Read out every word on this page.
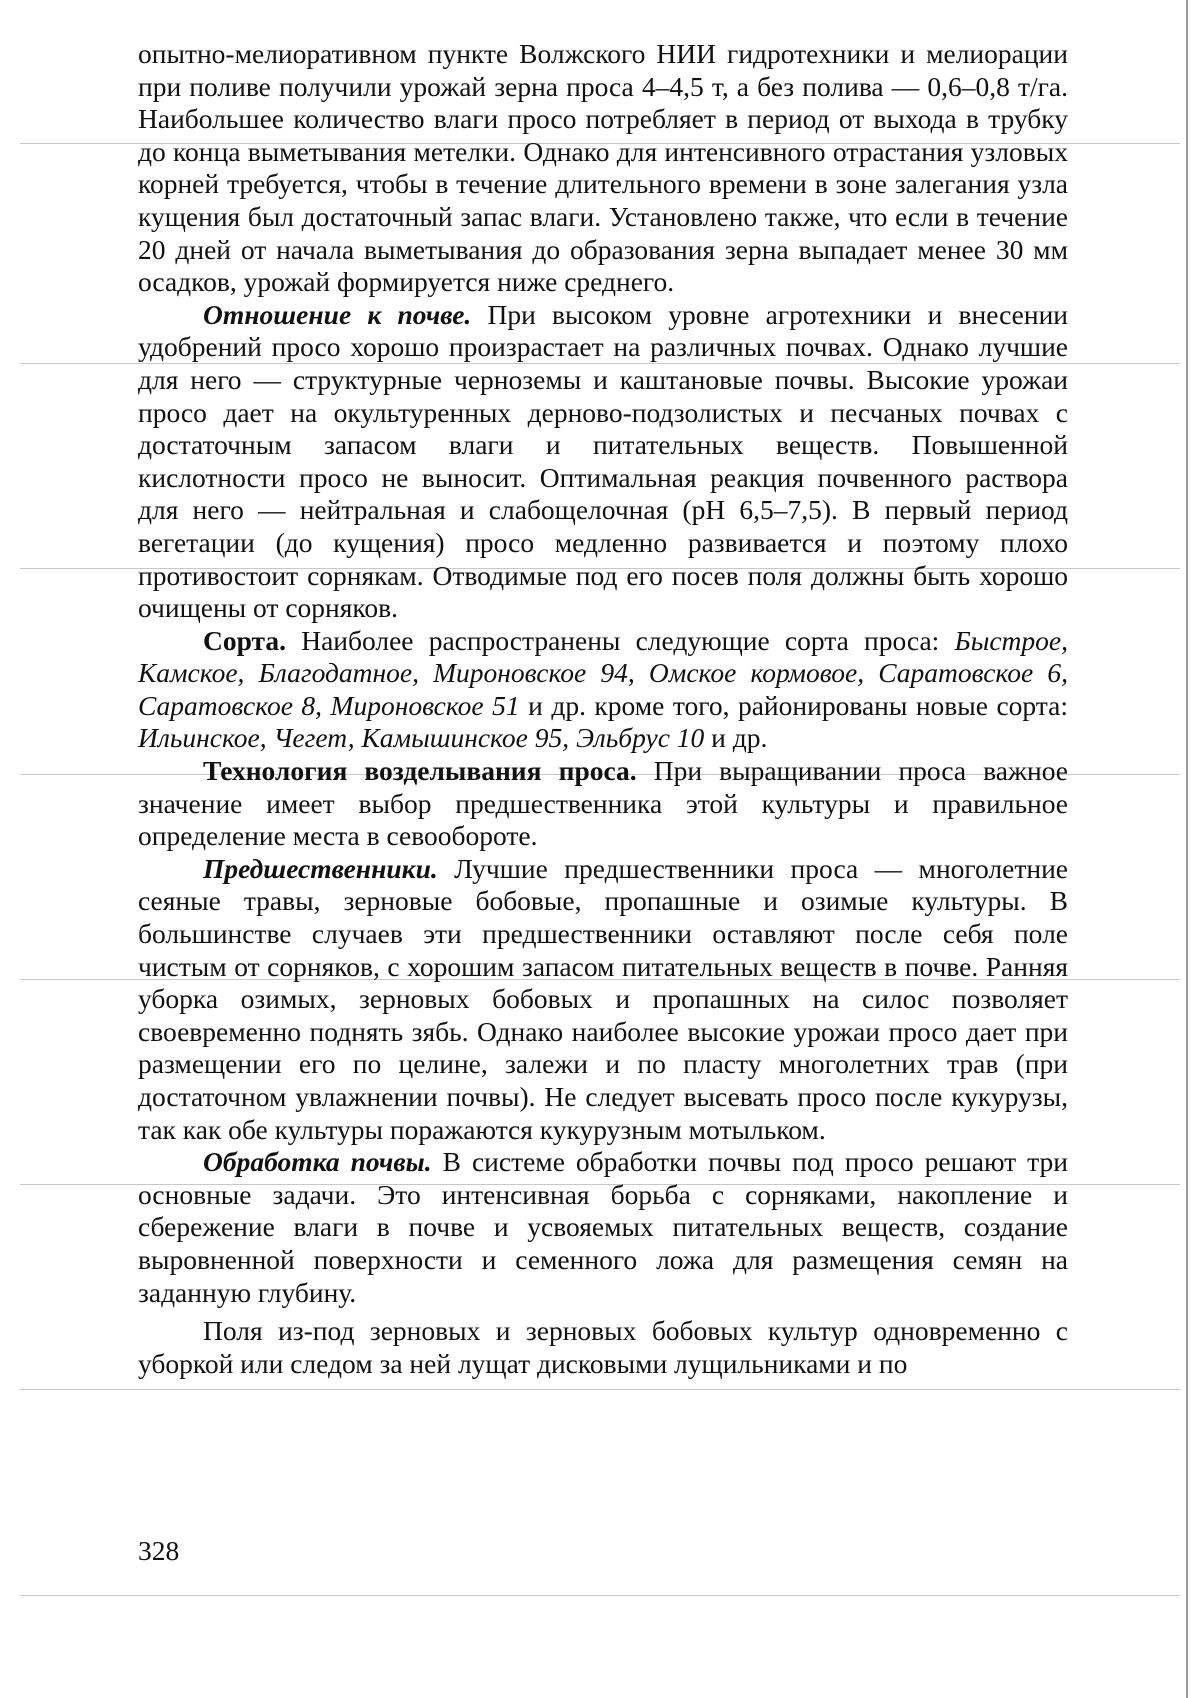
опытно-мелиоративном пункте Волжского НИИ гидротехники и мелиорации при поливе получили урожай зерна проса 4–4,5 т, а без полива — 0,6–0,8 т/га. Наибольшее количество влаги просо потребляет в период от выхода в трубку до конца выметывания метелки. Однако для интенсивного отрастания узловых корней требуется, чтобы в течение длительного времени в зоне залегания узла кущения был достаточный запас влаги. Установлено также, что если в течение 20 дней от начала выметывания до образования зерна выпадает менее 30 мм осадков, урожай формируется ниже среднего.

Отношение к почве. При высоком уровне агротехники и внесении удобрений просо хорошо произрастает на различных почвах. Однако лучшие для него — структурные черноземы и каштановые почвы. Высокие урожаи просо дает на окультуренных дерново-подзолистых и песчаных почвах с достаточным запасом влаги и питательных веществ. Повышенной кислотности просо не выносит. Оптимальная реакция почвенного раствора для него — нейтральная и слабощелочная (pH 6,5–7,5). В первый период вегетации (до кущения) просо медленно развивается и поэтому плохо противостоит сорнякам. Отводимые под его посев поля должны быть хорошо очищены от сорняков.

Сорта. Наиболее распространены следующие сорта проса: Быстрое, Камское, Благодатное, Мироновское 94, Омское кормовое, Саратовское 6, Саратовское 8, Мироновское 51 и др. кроме того, районированы новые сорта: Ильинское, Чегет, Камышинское 95, Эльбрус 10 и др.

Технология возделывания проса. При выращивании проса важное значение имеет выбор предшественника этой культуры и правильное определение места в севообороте.

Предшественники. Лучшие предшественники проса — многолетние сеяные травы, зерновые бобовые, пропашные и озимые культуры. В большинстве случаев эти предшественники оставляют после себя поле чистым от сорняков, с хорошим запасом питательных веществ в почве. Ранняя уборка озимых, зерновых бобовых и пропашных на силос позволяет своевременно поднять зябь. Однако наиболее высокие урожаи просо дает при размещении его по целине, залежи и по пласту многолетних трав (при достаточном увлажнении почвы). Не следует высевать просо после кукурузы, так как обе культуры поражаются кукурузным мотыльком.

Обработка почвы. В системе обработки почвы под просо решают три основные задачи. Это интенсивная борьба с сорняками, накопление и сбережение влаги в почве и усвояемых питательных веществ, создание выровненной поверхности и семенного ложа для размещения семян на заданную глубину.

Поля из-под зерновых и зерновых бобовых культур одновременно с уборкой или следом за ней лущат дисковыми лущильниками и по

328
